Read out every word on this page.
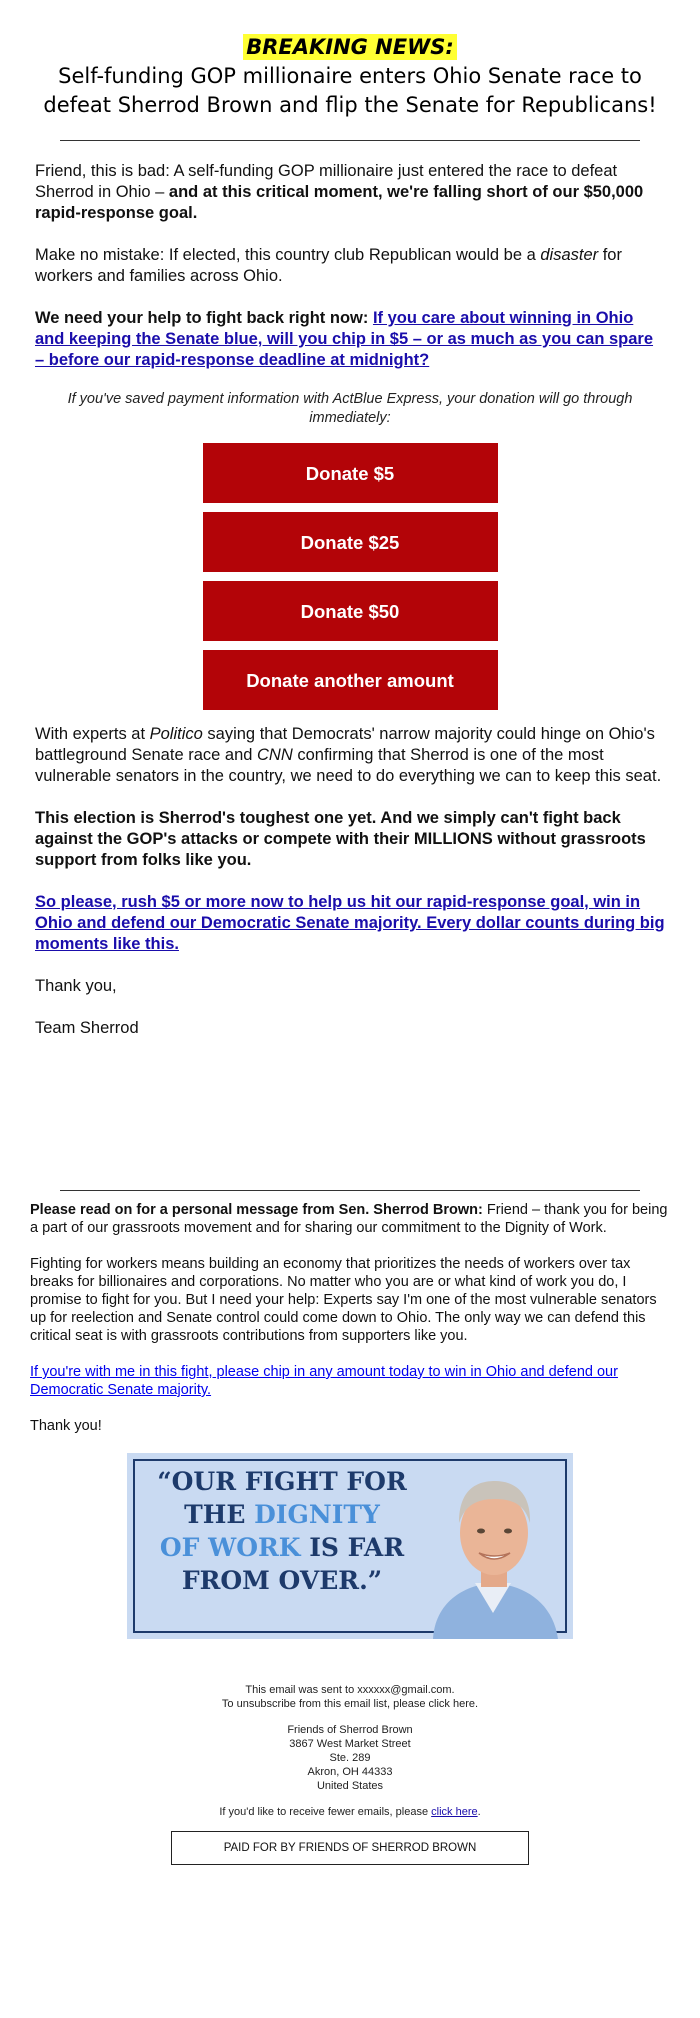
BREAKING NEWS:
Self-funding GOP millionaire enters Ohio Senate race to defeat Sherrod Brown and flip the Senate for Republicans!

Friend, this is bad: A self-funding GOP millionaire just entered the race to defeat Sherrod in Ohio – and at this critical moment, we're falling short of our $50,000 rapid-response goal.

Make no mistake: If elected, this country club Republican would be a disaster for workers and families across Ohio.

We need your help to fight back right now: If you care about winning in Ohio and keeping the Senate blue, will you chip in $5 – or as much as you can spare – before our rapid-response deadline at midnight?

If you've saved payment information with ActBlue Express, your donation will go through immediately:
Donate $5
Donate $25
Donate $50
Donate another amount

With experts at Politico saying that Democrats' narrow majority could hinge on Ohio's battleground Senate race and CNN confirming that Sherrod is one of the most vulnerable senators in the country, we need to do everything we can to keep this seat.

This election is Sherrod's toughest one yet. And we simply can't fight back against the GOP's attacks or compete with their MILLIONS without grassroots support from folks like you.

So please, rush $5 or more now to help us hit our rapid-response goal, win in Ohio and defend our Democratic Senate majority. Every dollar counts during big moments like this.

Thank you,

Team Sherrod

Please read on for a personal message from Sen. Sherrod Brown: Friend – thank you for being a part of our grassroots movement and for sharing our commitment to the Dignity of Work.

Fighting for workers means building an economy that prioritizes the needs of workers over tax breaks for billionaires and corporations. No matter who you are or what kind of work you do, I promise to fight for you. But I need your help: Experts say I'm one of the most vulnerable senators up for reelection and Senate control could come down to Ohio. The only way we can defend this critical seat is with grassroots contributions from supporters like you.

If you're with me in this fight, please chip in any amount today to win in Ohio and defend our Democratic Senate majority.

Thank you!

“OUR FIGHT FOR
THE DIGNITY
OF WORK IS FAR
FROM OVER.”

This email was sent to xxxxxx@gmail.com.
To unsubscribe from this email list, please click here.

Friends of Sherrod Brown
3867 West Market Street
Ste. 289
Akron, OH 44333
United States

If you'd like to receive fewer emails, please click here.

PAID FOR BY FRIENDS OF SHERROD BROWN
